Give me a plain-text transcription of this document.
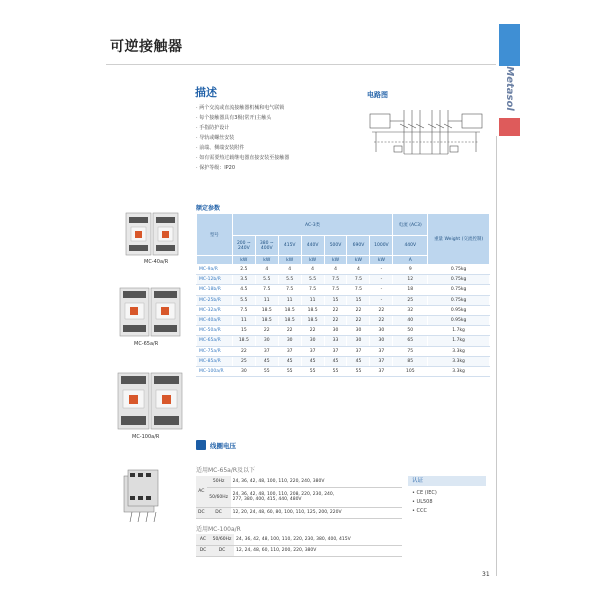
可逆接触器
Metasol
描述
· 两个交流或直流接触器机械和电气联锁
· 每个接触器具有3极(常开)主触头
· 手指防护设计
· 导轨或螺丝安装
· 前端、侧端安装附件
· 如有需要热过载继电器直接安装至接触器
· 保护等级：IP20
电路图
额定参数
型号	AC-3类							电流 (AC3)	重量 Weight (交流控制)
	200 ~ 240V	380 ~ 400V	415V	440V	500V	690V	1000V	440V	
	kW	kW	kW	kW	kW	kW	kW	A	
MC-9a/R	2.5	4	4	4	4	4	-	9	0.75kg
MC-12b/R	3.5	5.5	5.5	5.5	7.5	7.5	-	12	0.75kg
MC-18b/R	4.5	7.5	7.5	7.5	7.5	7.5	-	18	0.75kg
MC-25b/R	5.5	11	11	11	15	15	-	25	0.75kg
MC-32a/R	7.5	18.5	18.5	18.5	22	22	22	32	0.95kg
MC-40a/R	11	18.5	18.5	18.5	22	22	22	40	0.95kg
MC-50a/R	15	22	22	22	30	30	30	50	1.7kg
MC-65a/R	18.5	30	30	30	33	30	30	65	1.7kg
MC-75a/R	22	37	37	37	37	37	37	75	3.3kg
MC-85a/R	25	45	45	45	45	45	37	85	3.3kg
MC-100a/R	30	55	55	55	55	55	37	105	3.3kg
MC-40a/R
MC-65a/R
MC-100a/R
线圈电压
适用MC-65a/R及以下
AC	50Hz	24, 36, 42, 48, 100, 110, 220, 240, 380V
	50/60Hz	24, 36, 42, 48, 100, 110, 208, 220, 230, 240,
277, 380, 400, 415, 440, 480V

DC	DC	12, 20, 24, 48, 60, 80, 100, 110, 125, 200, 220V
适用MC-100a/R
AC	50/60Hz	24, 36, 42, 48, 100, 110, 220, 230, 380, 400, 415V
DC	DC	12, 24, 48, 60, 110, 200, 220, 380V
认证
• CE (IEC)
• UL508
• CCC
31
